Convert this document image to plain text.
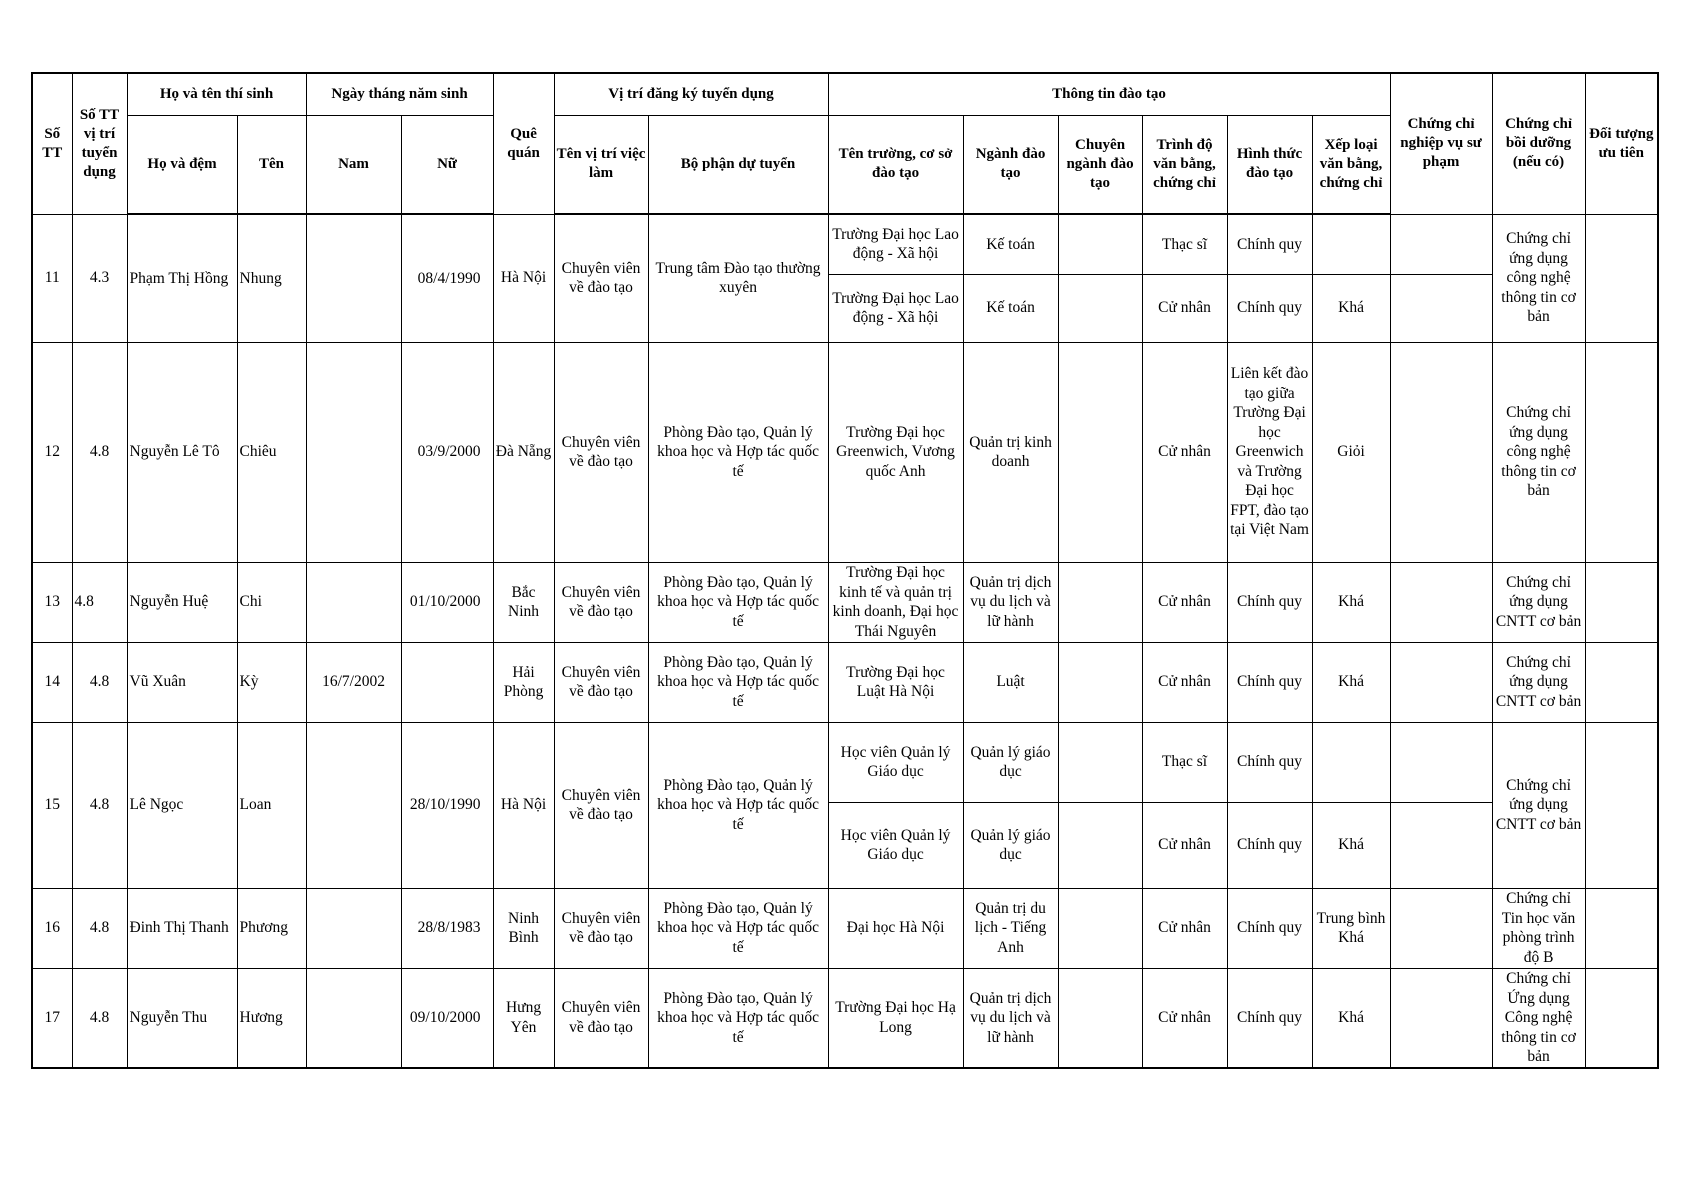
Số TT	Số TT vị trí tuyển dụng	Họ và tên thí sinh		Ngày tháng năm sinh		Quê quán	Vị trí đăng ký tuyển dụng		Thông tin đào tạo						Chứng chỉ nghiệp vụ sư phạm	Chứng chỉ bồi dưỡng (nếu có)	Đối tượng ưu tiên
		Họ và đệm	Tên	Nam	Nữ		Tên vị trí việc làm	Bộ phận dự tuyển	Tên trường, cơ sở đào tạo	Ngành đào tạo	Chuyên ngành đào tạo	Trình độ văn bằng, chứng chỉ	Hình thức đào tạo	Xếp loại văn bằng, chứng chỉ			
11	4.3	Phạm Thị Hồng	Nhung		08/4/1990	Hà Nội	Chuyên viên về đào tạo	Trung tâm Đào tạo thường xuyên	Trường Đại học Lao động - Xã hội	Kế toán		Thạc sĩ	Chính quy			Chứng chỉ ứng dụng công nghệ thông tin cơ bản	
									Trường Đại học Lao động - Xã hội	Kế toán		Cử nhân	Chính quy	Khá			
12	4.8	Nguyễn Lê Tô	Chiêu		03/9/2000	Đà Nẵng	Chuyên viên về đào tạo	Phòng Đào tạo, Quản lý khoa học và Hợp tác quốc tế	Trường Đại học Greenwich, Vương quốc Anh	Quản trị kinh doanh		Cử nhân	Liên kết đào tạo giữa Trường Đại học Greenwich và Trường Đại học FPT, đào tạo tại Việt Nam	Giỏi		Chứng chỉ ứng dụng công nghệ thông tin cơ bản	
13	4.8	Nguyễn Huệ	Chi		01/10/2000	Bắc Ninh	Chuyên viên về đào tạo	Phòng Đào tạo, Quản lý khoa học và Hợp tác quốc tế	Trường Đại học kinh tế và quản trị kinh doanh, Đại học Thái Nguyên	Quản trị dịch vụ du lịch và lữ hành		Cử nhân	Chính quy	Khá		Chứng chỉ ứng dụng CNTT cơ bản	
14	4.8	Vũ Xuân	Kỳ	16/7/2002		Hải Phòng	Chuyên viên về đào tạo	Phòng Đào tạo, Quản lý khoa học và Hợp tác quốc tế	Trường Đại học Luật Hà Nội	Luật		Cử nhân	Chính quy	Khá		Chứng chỉ ứng dụng CNTT cơ bản	
15	4.8	Lê Ngọc	Loan		28/10/1990	Hà Nội	Chuyên viên về đào tạo	Phòng Đào tạo, Quản lý khoa học và Hợp tác quốc tế	Học viên Quản lý Giáo dục	Quản lý giáo dục		Thạc sĩ	Chính quy			Chứng chỉ ứng dụng CNTT cơ bản	
									Học viên Quản lý Giáo dục	Quản lý giáo dục		Cử nhân	Chính quy	Khá			
16	4.8	Đinh Thị Thanh	Phương		28/8/1983	Ninh Bình	Chuyên viên về đào tạo	Phòng Đào tạo, Quản lý khoa học và Hợp tác quốc tế	Đại học Hà Nội	Quản trị du lịch - Tiếng Anh		Cử nhân	Chính quy	Trung bình Khá		Chứng chỉ Tin học văn phòng trình độ B	
17	4.8	Nguyễn Thu	Hương		09/10/2000	Hưng Yên	Chuyên viên về đào tạo	Phòng Đào tạo, Quản lý khoa học và Hợp tác quốc tế	Trường Đại học Hạ Long	Quản trị dịch vụ du lịch và lữ hành		Cử nhân	Chính quy	Khá		Chứng chỉ Ứng dụng Công nghệ thông tin cơ bản	
